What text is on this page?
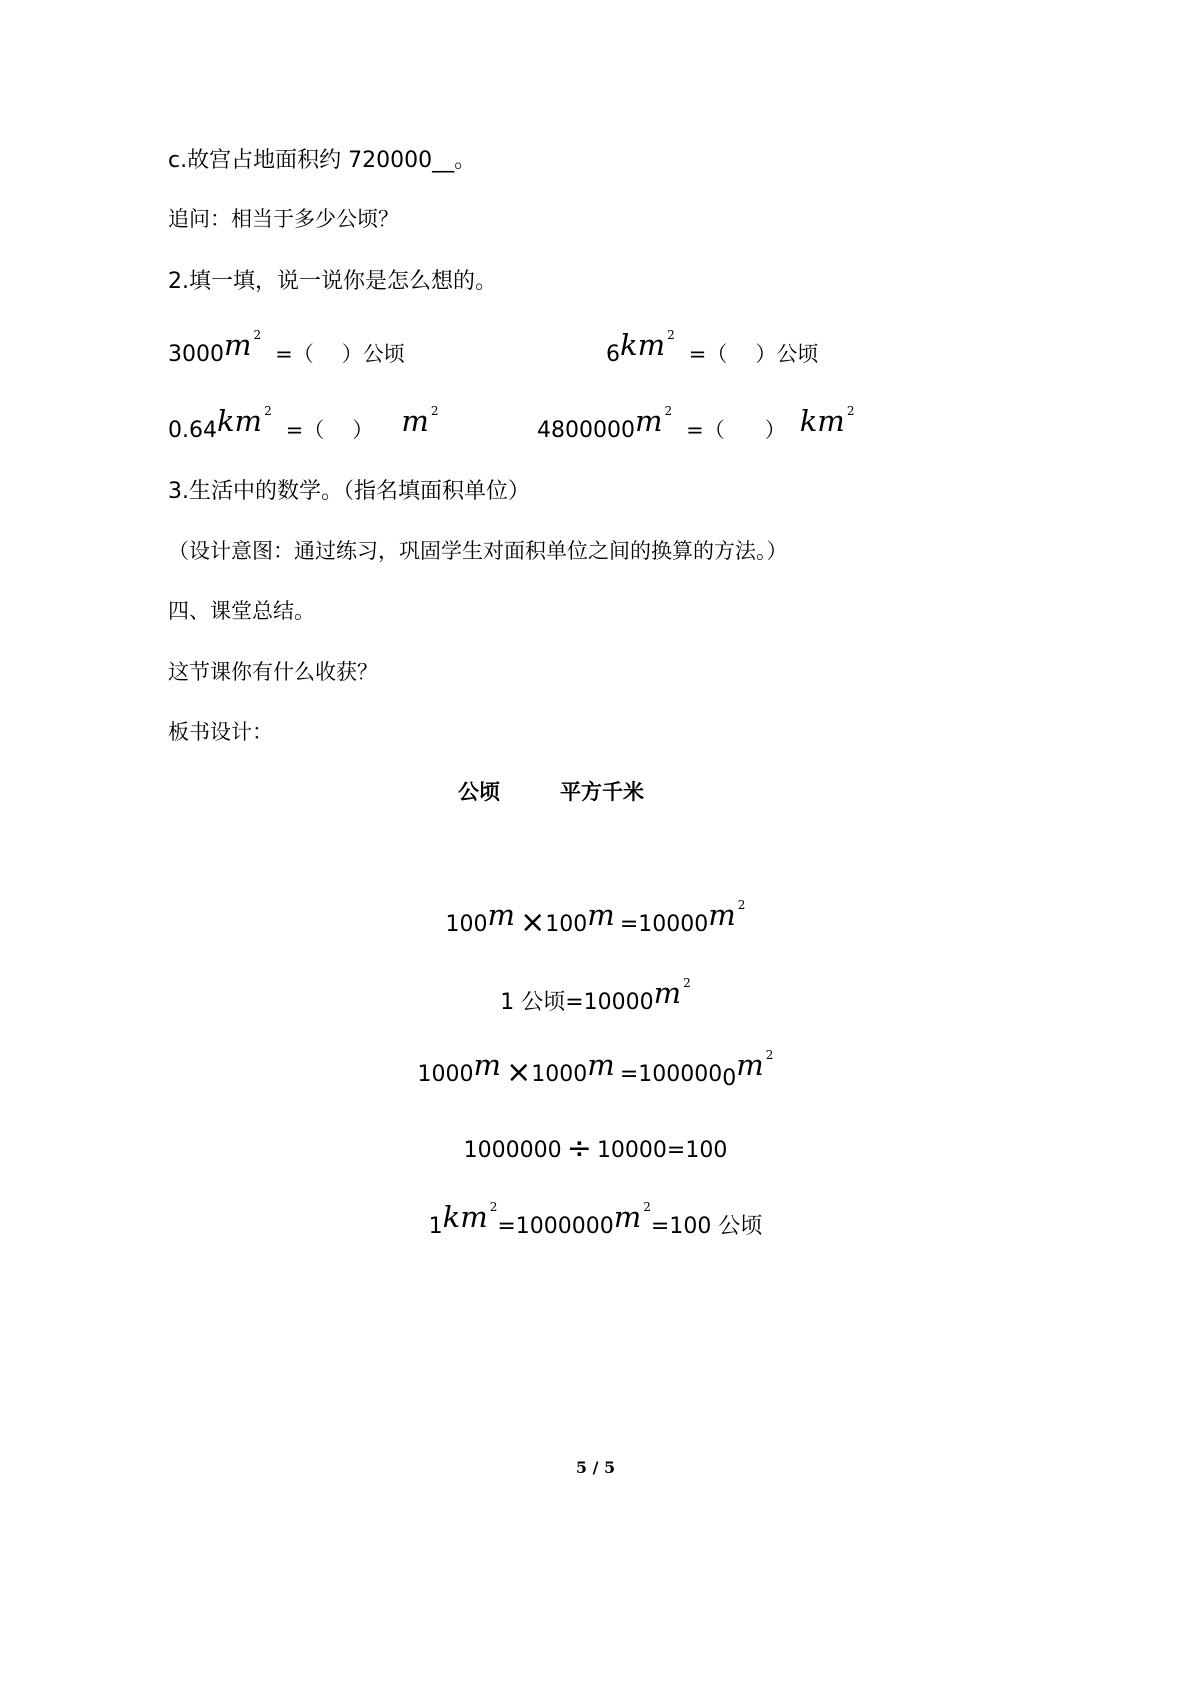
c.故宫占地面积约 720000__。
追问：相当于多少公顷？
2.填一填，说一说你是怎么想的。
3000m $^2$=（ ）公顷	6km $^2$=（ ）公顷
0.64km $^2$=（ ） m $^2$
4800000m $^2$=（ ） km $^2$
3.生活中的数学。（指名填面积单位）
（设计意图：通过练习，巩固学生对面积单位之间的换算的方法。）
四、课堂总结。
这节课你有什么收获？
板书设计：
公顷	平方千米
100m ×100m =10000m $^2$
1 公顷=10000m $^2$
1000m ×1000m =1000000m $^2$
1000000 ÷ 10000=100
1km $^2$=1000000m $^2$=100 公顷
5 / 5
